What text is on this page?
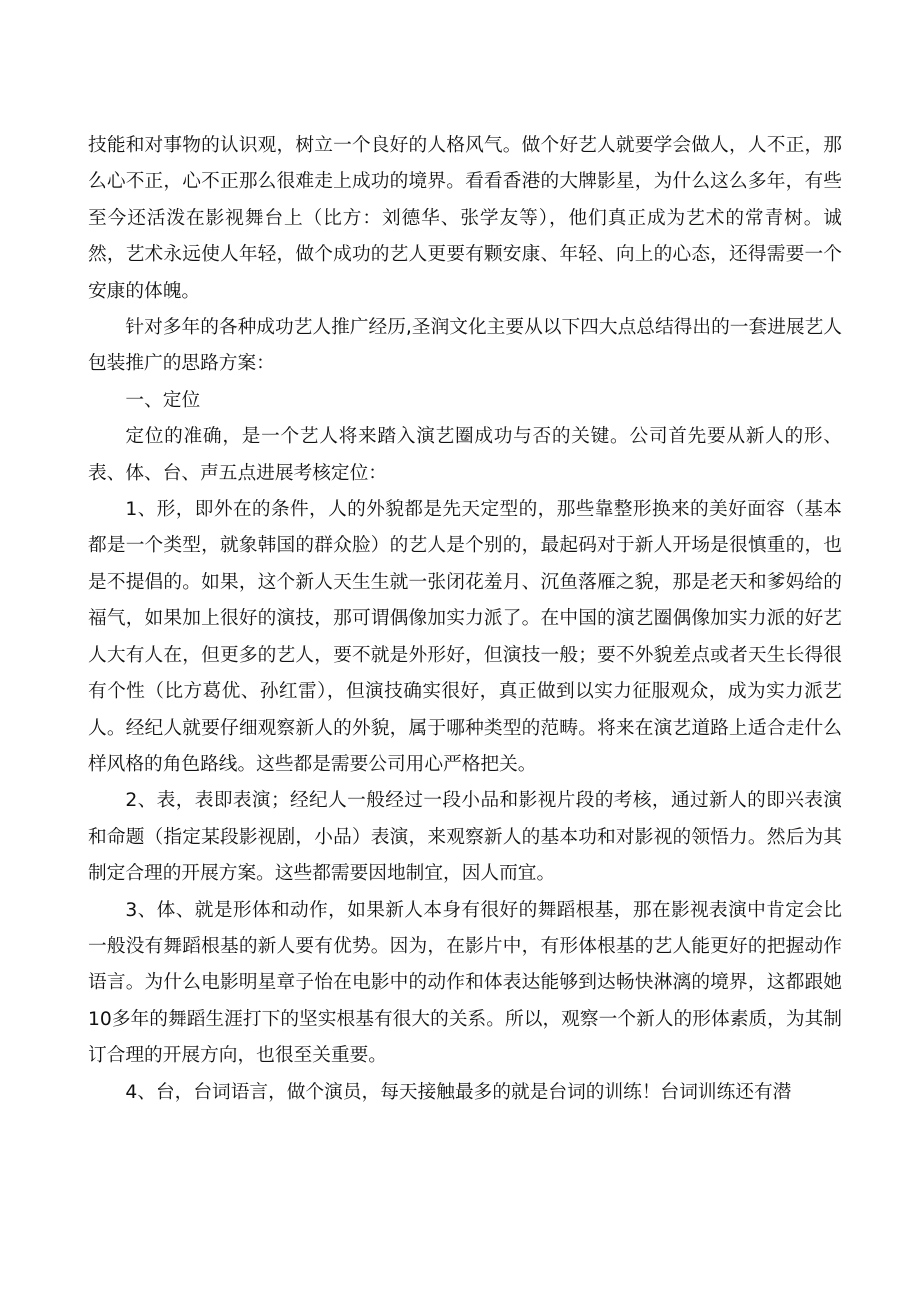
技能和对事物的认识观，树立一个良好的人格风气。做个好艺人就要学会做人，人不正，那么心不正，心不正那么很难走上成功的境界。看看香港的大牌影星，为什么这么多年，有些至今还活泼在影视舞台上（比方：刘德华、张学友等），他们真正成为艺术的常青树。诚然，艺术永远使人年轻，做个成功的艺人更要有颗安康、年轻、向上的心态，还得需要一个安康的体魄。

针对多年的各种成功艺人推广经历,圣润文化主要从以下四大点总结得出的一套进展艺人包装推广的思路方案：

一、定位

定位的准确，是一个艺人将来踏入演艺圈成功与否的关键。公司首先要从新人的形、表、体、台、声五点进展考核定位：

1、形，即外在的条件，人的外貌都是先天定型的，那些靠整形换来的美好面容（基本都是一个类型，就象韩国的群众脸）的艺人是个别的，最起码对于新人开场是很慎重的，也是不提倡的。如果，这个新人天生生就一张闭花羞月、沉鱼落雁之貌，那是老天和爹妈给的福气，如果加上很好的演技，那可谓偶像加实力派了。在中国的演艺圈偶像加实力派的好艺人大有人在，但更多的艺人，要不就是外形好，但演技一般；要不外貌差点或者天生长得很有个性（比方葛优、孙红雷），但演技确实很好，真正做到以实力征服观众，成为实力派艺人。经纪人就要仔细观察新人的外貌，属于哪种类型的范畴。将来在演艺道路上适合走什么样风格的角色路线。这些都是需要公司用心严格把关。

2、表，表即表演；经纪人一般经过一段小品和影视片段的考核，通过新人的即兴表演和命题（指定某段影视剧，小品）表演，来观察新人的基本功和对影视的领悟力。然后为其制定合理的开展方案。这些都需要因地制宜，因人而宜。

3、体、就是形体和动作，如果新人本身有很好的舞蹈根基，那在影视表演中肯定会比一般没有舞蹈根基的新人要有优势。因为，在影片中，有形体根基的艺人能更好的把握动作语言。为什么电影明星章子怡在电影中的动作和体表达能够到达畅快淋漓的境界，这都跟她10多年的舞蹈生涯打下的坚实根基有很大的关系。所以，观察一个新人的形体素质，为其制订合理的开展方向，也很至关重要。

4、台，台词语言，做个演员，每天接触最多的就是台词的训练！台词训练还有潜
